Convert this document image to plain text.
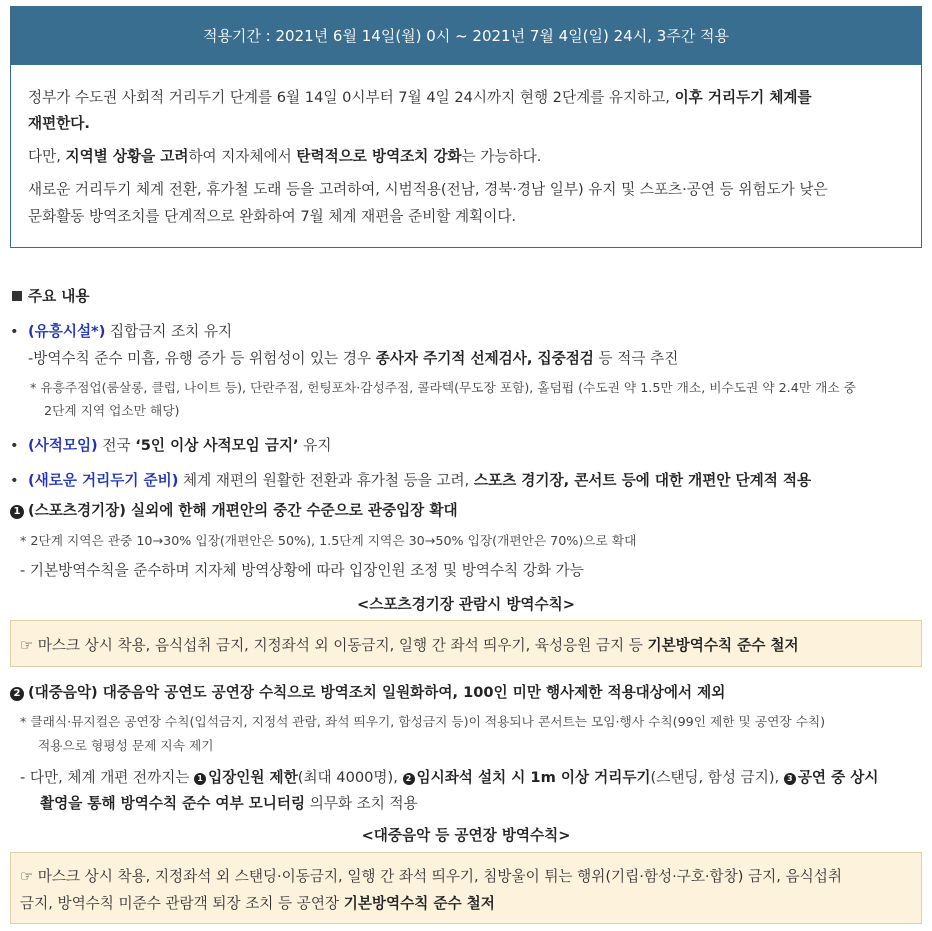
적용기간 : 2021년 6월 14일(월) 0시 ~ 2021년 7월 4일(일) 24시, 3주간 적용
정부가 수도권 사회적 거리두기 단계를 6월 14일 0시부터 7월 4일 24시까지 현행 2단계를 유지하고, 이후 거리두기 체계를
재편한다.
다만, 지역별 상황을 고려하여 지자체에서 탄력적으로 방역조치 강화는 가능하다.
새로운 거리두기 체계 전환, 휴가철 도래 등을 고려하여, 시범적용(전남, 경북·경남 일부) 유지 및 스포츠·공연 등 위험도가 낮은
문화활동 방역조치를 단계적으로 완화하여 7월 체계 재편을 준비할 계획이다.
주요 내용
• (유흥시설*) 집합금지 조치 유지
-방역수칙 준수 미흡, 유행 증가 등 위험성이 있는 경우 종사자 주기적 선제검사, 집중점검 등 적극 추진
* 유흥주점업(룸살롱, 클럽, 나이트 등), 단란주점, 헌팅포차·감성주점, 콜라텍(무도장 포함), 홀덤펍 (수도권 약 1.5만 개소, 비수도권 약 2.4만 개소 중
2단계 지역 업소만 해당)
• (사적모임) 전국 ‘5인 이상 사적모임 금지’ 유지
• (새로운 거리두기 준비) 체계 재편의 원활한 전환과 휴가철 등을 고려, 스포츠 경기장, 콘서트 등에 대한 개편안 단계적 적용
1 (스포츠경기장) 실외에 한해 개편안의 중간 수준으로 관중입장 확대
* 2단계 지역은 관중 10→30% 입장(개편안은 50%), 1.5단계 지역은 30→50% 입장(개편안은 70%)으로 확대
- 기본방역수칙을 준수하며 지자체 방역상황에 따라 입장인원 조정 및 방역수칙 강화 가능
<스포츠경기장 관람시 방역수칙>
☞ 마스크 상시 착용, 음식섭취 금지, 지정좌석 외 이동금지, 일행 간 좌석 띄우기, 육성응원 금지 등 기본방역수칙 준수 철저
2 (대중음악) 대중음악 공연도 공연장 수칙으로 방역조치 일원화하여, 100인 미만 행사제한 적용대상에서 제외
* 클래식·뮤지컬은 공연장 수칙(입석금지, 지정석 관람, 좌석 띄우기, 함성금지 등)이 적용되나 콘서트는 모임·행사 수칙(99인 제한 및 공연장 수칙)
적용으로 형평성 문제 지속 제기
- 다만, 체계 개편 전까지는 1 입장인원 제한(최대 4000명), 2 임시좌석 설치 시 1m 이상 거리두기(스탠딩, 함성 금지), 3 공연 중 상시
촬영을 통해 방역수칙 준수 여부 모니터링 의무화 조치 적용
<대중음악 등 공연장 방역수칙>
☞ 마스크 상시 착용, 지정좌석 외 스탠딩·이동금지, 일행 간 좌석 띄우기, 침방울이 튀는 행위(기립·함성·구호·합창) 금지, 음식섭취
금지, 방역수칙 미준수 관람객 퇴장 조치 등 공연장 기본방역수칙 준수 철저
